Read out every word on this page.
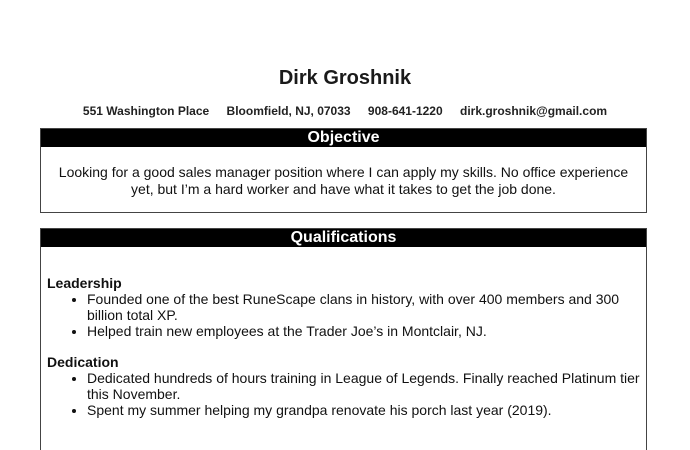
Dirk Groshnik
551 Washington Place Bloomfield, NJ, 07033 908-641-1220 dirk.groshnik@gmail.com
Objective
Looking for a good sales manager position where I can apply my skills. No office experience yet, but I’m a hard worker and have what it takes to get the job done.
Qualifications

Leadership

• Founded one of the best RuneScape clans in history, with over 400 members and 300 billion total XP.
• Helped train new employees at the Trader Joe’s in Montclair, NJ.

Dedication

• Dedicated hundreds of hours training in League of Legends. Finally reached Platinum tier this November.
• Spent my summer helping my grandpa renovate his porch last year (2019).
